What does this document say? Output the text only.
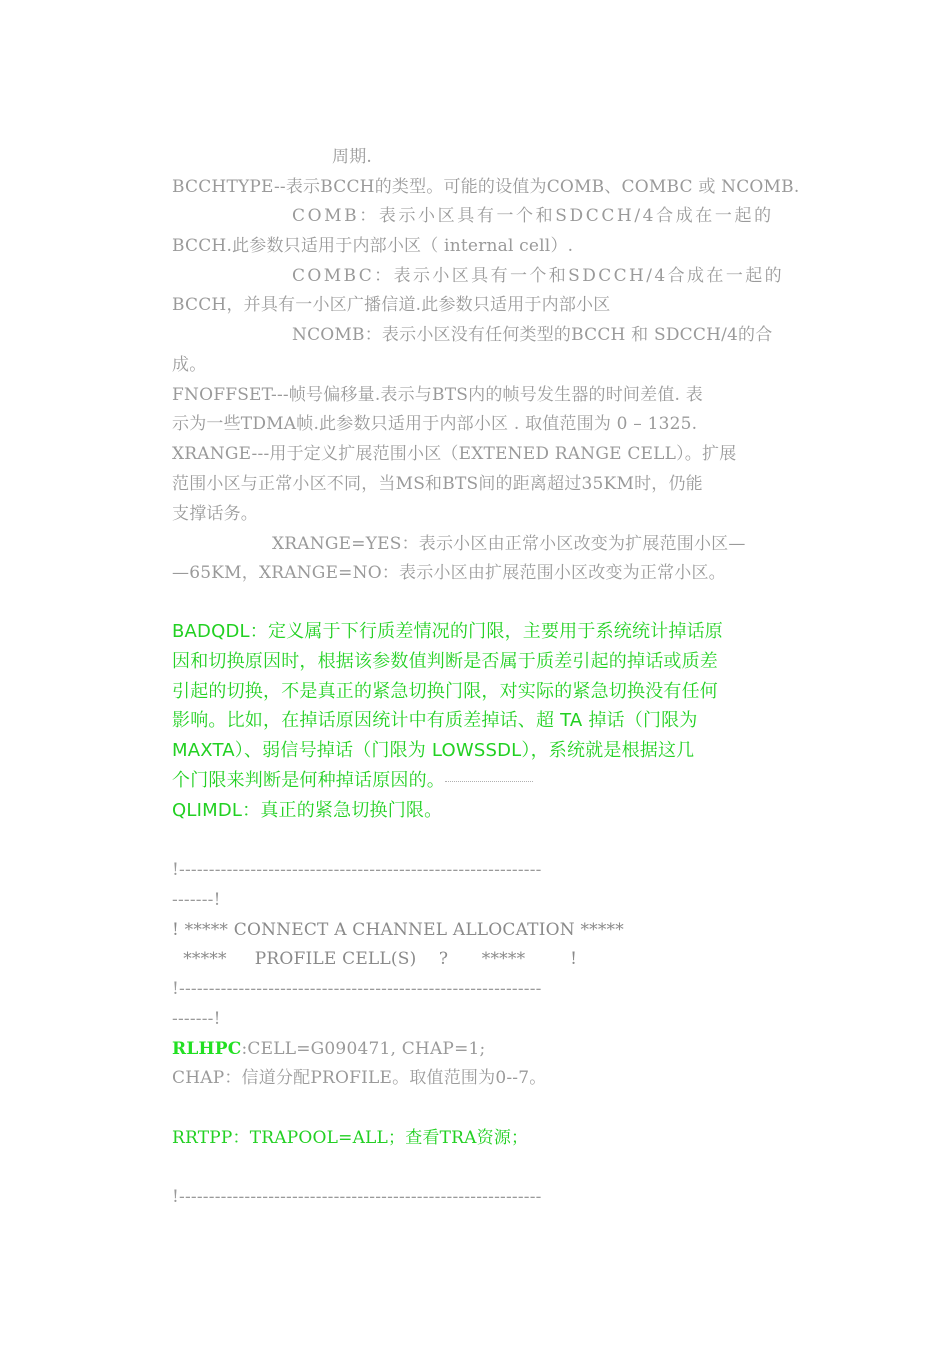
周期.
BCCHTYPE--表示BCCH的类型。可能的设值为COMB、COMBC 或 NCOMB.
COMB：表示小区具有一个和SDCCH/4合成在一起的
BCCH.此参数只适用于内部小区（ internal cell）.
COMBC：表示小区具有一个和SDCCH/4合成在一起的
BCCH，并具有一小区广播信道.此参数只适用于内部小区
NCOMB：表示小区没有任何类型的BCCH 和 SDCCH/4的合
成。
FNOFFSET---帧号偏移量.表示与BTS内的帧号发生器的时间差值. 表
示为一些TDMA帧.此参数只适用于内部小区 . 取值范围为 0 – 1325.
XRANGE---用于定义扩展范围小区（EXTENED RANGE CELL）。扩展
范围小区与正常小区不同，当MS和BTS间的距离超过35KM时，仍能
支撑话务。
XRANGE=YES：表示小区由正常小区改变为扩展范围小区—
—65KM，XRANGE=NO：表示小区由扩展范围小区改变为正常小区。
BADQDL：定义属于下行质差情况的门限，主要用于系统统计掉话原
因和切换原因时，根据该参数值判断是否属于质差引起的掉话或质差
引起的切换，不是真正的紧急切换门限，对实际的紧急切换没有任何
影响。比如，在掉话原因统计中有质差掉话、超 TA 掉话（门限为
MAXTA）、弱信号掉话（门限为 LOWSSDL），系统就是根据这几
个门限来判断是何种掉话原因的。
QLIMDL：真正的紧急切换门限。
!-------------------------------------------------------------
-------!
! ***** CONNECT A CHANNEL ALLOCATION *****
*****     PROFILE CELL(S)    ?      *****        !
!-------------------------------------------------------------
-------!
RLHPC:CELL=G090471, CHAP=1;
CHAP：信道分配PROFILE。取值范围为0--7。
RRTPP：TRAPOOL=ALL；查看TRA资源；
!-------------------------------------------------------------
